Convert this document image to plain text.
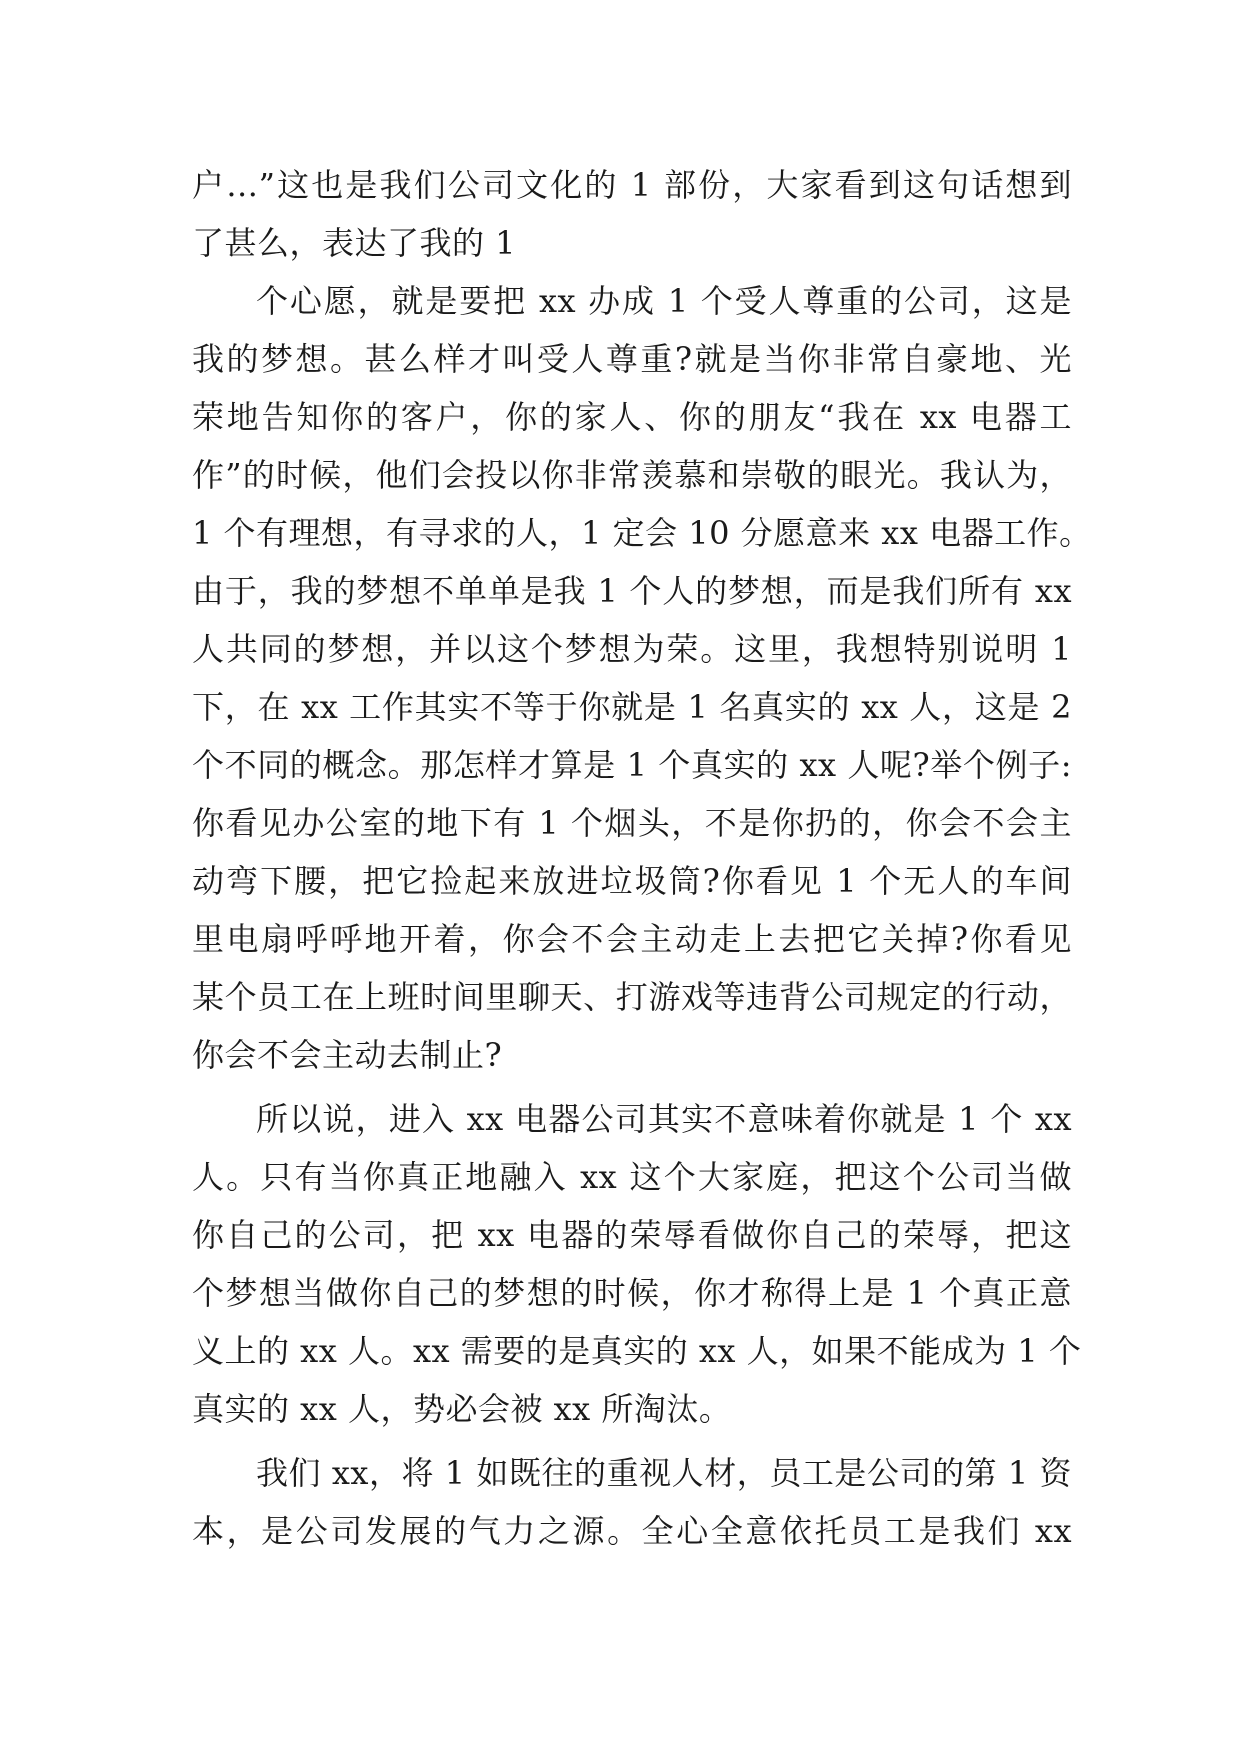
户…”这也是我们公司文化的 1 部份，大家看到这句话想到
了甚么，表达了我的 1
个心愿，就是要把 xx 办成 1 个受人尊重的公司，这是
我的梦想。甚么样才叫受人尊重?就是当你非常自豪地、光
荣地告知你的客户，你的家人、你的朋友“我在 xx 电器工
作”的时候，他们会投以你非常羡慕和崇敬的眼光。我认为，
1 个有理想，有寻求的人，1 定会 10 分愿意来 xx 电器工作。
由于，我的梦想不单单是我 1 个人的梦想，而是我们所有 xx
人共同的梦想，并以这个梦想为荣。这里，我想特别说明 1
下，在 xx 工作其实不等于你就是 1 名真实的 xx 人，这是 2
个不同的概念。那怎样才算是 1 个真实的 xx 人呢?举个例子:
你看见办公室的地下有 1 个烟头，不是你扔的，你会不会主
动弯下腰，把它捡起来放进垃圾筒?你看见 1 个无人的车间
里电扇呼呼地开着，你会不会主动走上去把它关掉?你看见
某个员工在上班时间里聊天、打游戏等违背公司规定的行动，
你会不会主动去制止?
所以说，进入 xx 电器公司其实不意味着你就是 1 个 xx
人。只有当你真正地融入 xx 这个大家庭，把这个公司当做
你自己的公司，把 xx 电器的荣辱看做你自己的荣辱，把这
个梦想当做你自己的梦想的时候，你才称得上是 1 个真正意
义上的 xx 人。xx 需要的是真实的 xx 人，如果不能成为 1 个
真实的 xx 人，势必会被 xx 所淘汰。
我们 xx，将 1 如既往的重视人材，员工是公司的第 1 资
本，是公司发展的气力之源。全心全意依托员工是我们 xx
